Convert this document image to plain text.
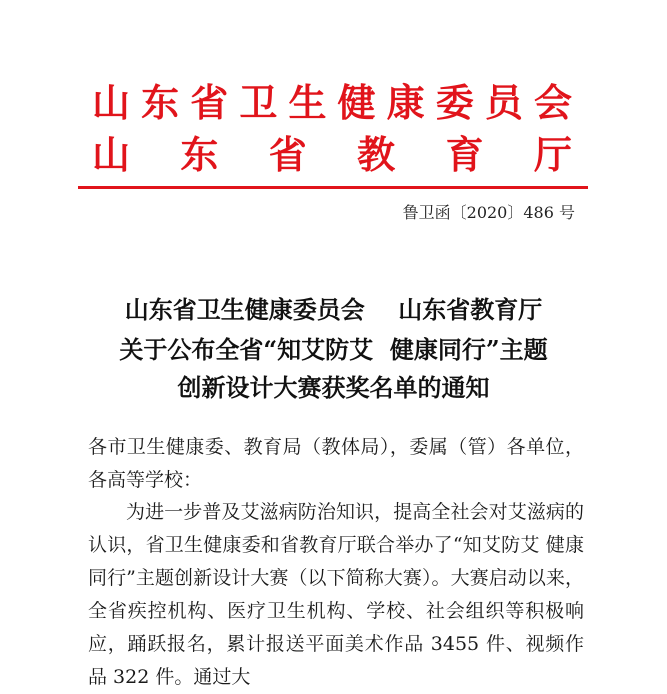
山 东 省 卫 生 健 康 委 员 会
山 东 省 教 育 厅
鲁卫函〔2020〕486 号
山东省卫生健康委员会    山东省教育厅
关于公布全省“知艾防艾  健康同行”主题
创新设计大赛获奖名单的通知
各市卫生健康委、教育局（教体局），委属（管）各单位，各高等学校：
为进一步普及艾滋病防治知识，提高全社会对艾滋病的认识，省卫生健康委和省教育厅联合举办了“知艾防艾 健康同行”主题创新设计大赛（以下简称大赛）。大赛启动以来，全省疾控机构、医疗卫生机构、学校、社会组织等积极响应，踊跃报名，累计报送平面美术作品 3455 件、视频作品 322 件。通过大
